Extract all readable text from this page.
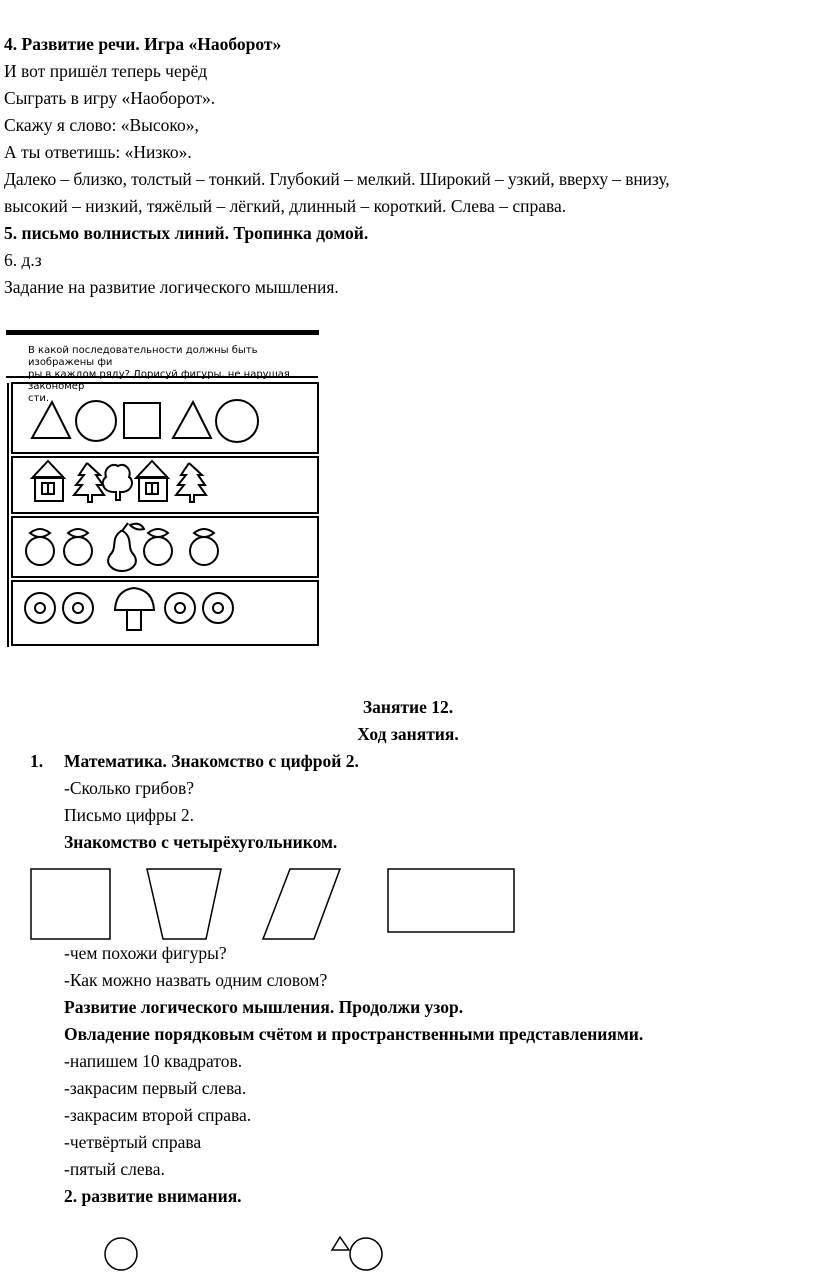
4. Развитие речи. Игра «Наоборот»

И вот пришёл теперь черёд

Сыграть в игру «Наоборот».

Скажу я слово: «Высоко»,

А ты ответишь: «Низко».

Далеко – близко, толстый – тонкий. Глубокий – мелкий. Широкий – узкий, вверху – внизу,

высокий – низкий, тяжёлый – лёгкий, длинный – короткий. Слева – справа.

5. письмо волнистых линий. Тропинка домой.

6. д.з

Задание на развитие логического мышления.

В какой последовательности должны быть изображены фи
ры в каждом ряду? Дорисуй фигуры, не нарушая закономер
сти.

Занятие 12.

Ход занятия.

1. Математика. Знакомство с цифрой 2.

-Сколько грибов?

Письмо цифры 2.

Знакомство с четырёхугольником.

-чем похожи фигуры?

-Как можно назвать одним словом?

Развитие логического мышления. Продолжи узор.

Овладение порядковым счётом и пространственными представлениями.

-напишем 10 квадратов.

-закрасим первый слева.

-закрасим второй справа.

-четвёртый справа

-пятый слева.

2. развитие внимания.
